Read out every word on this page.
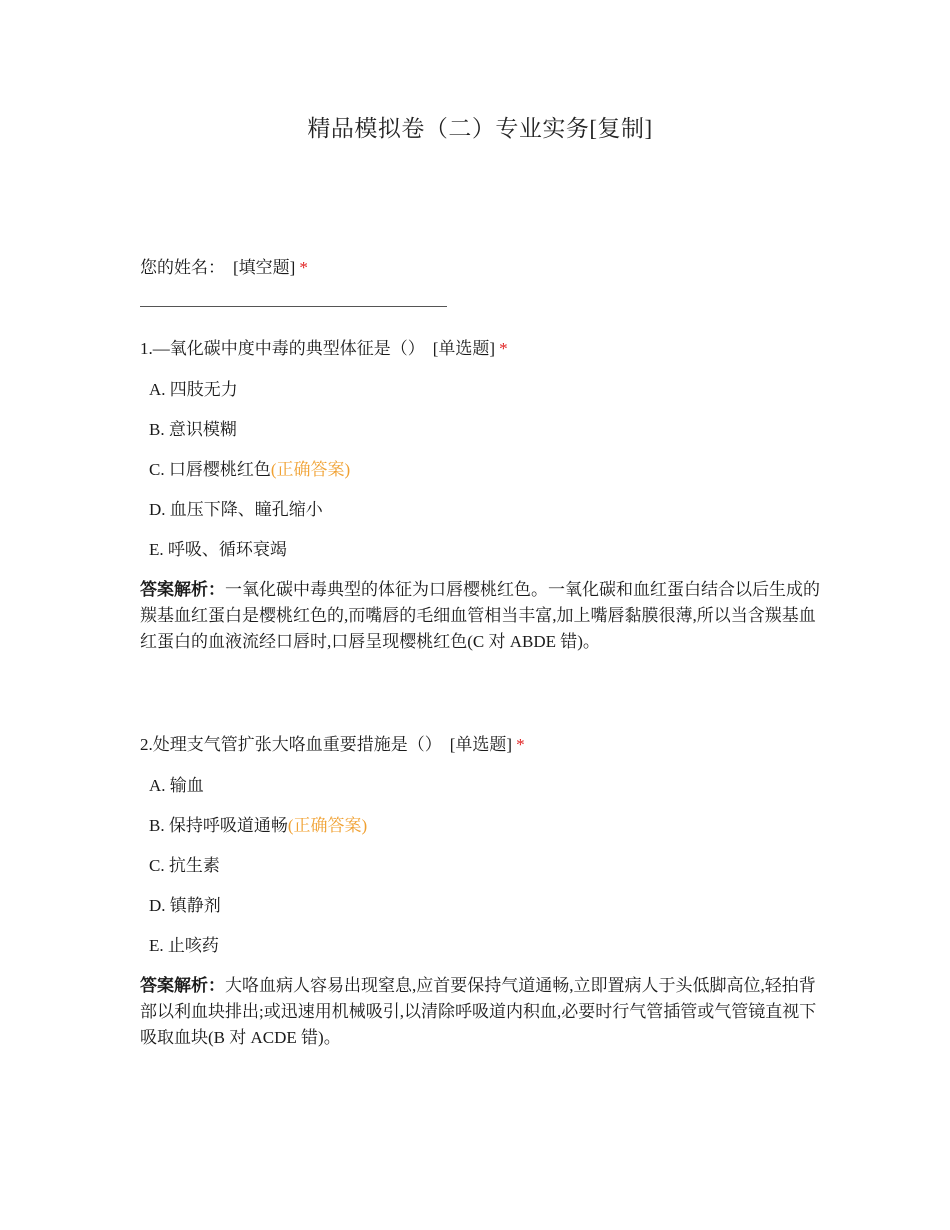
精品模拟卷（二）专业实务[复制]
您的姓名： [填空题] *
1.—氧化碳中度中毒的典型体征是（） [单选题] *
A. 四肢无力
B. 意识模糊
C. 口唇樱桃红色(正确答案)
D. 血压下降、瞳孔缩小
E. 呼吸、循环衰竭
答案解析：一氧化碳中毒典型的体征为口唇樱桃红色。一氧化碳和血红蛋白结合以后生成的羰基血红蛋白是樱桃红色的,而嘴唇的毛细血管相当丰富,加上嘴唇黏膜很薄,所以当含羰基血红蛋白的血液流经口唇时,口唇呈现樱桃红色(C 对 ABDE 错)。
2.处理支气管扩张大咯血重要措施是（） [单选题] *
A. 输血
B. 保持呼吸道通畅(正确答案)
C. 抗生素
D. 镇静剂
E. 止咳药
答案解析：大咯血病人容易出现窒息,应首要保持气道通畅,立即置病人于头低脚高位,轻拍背部以利血块排出;或迅速用机械吸引,以清除呼吸道内积血,必要时行气管插管或气管镜直视下吸取血块(B 对 ACDE 错)。
